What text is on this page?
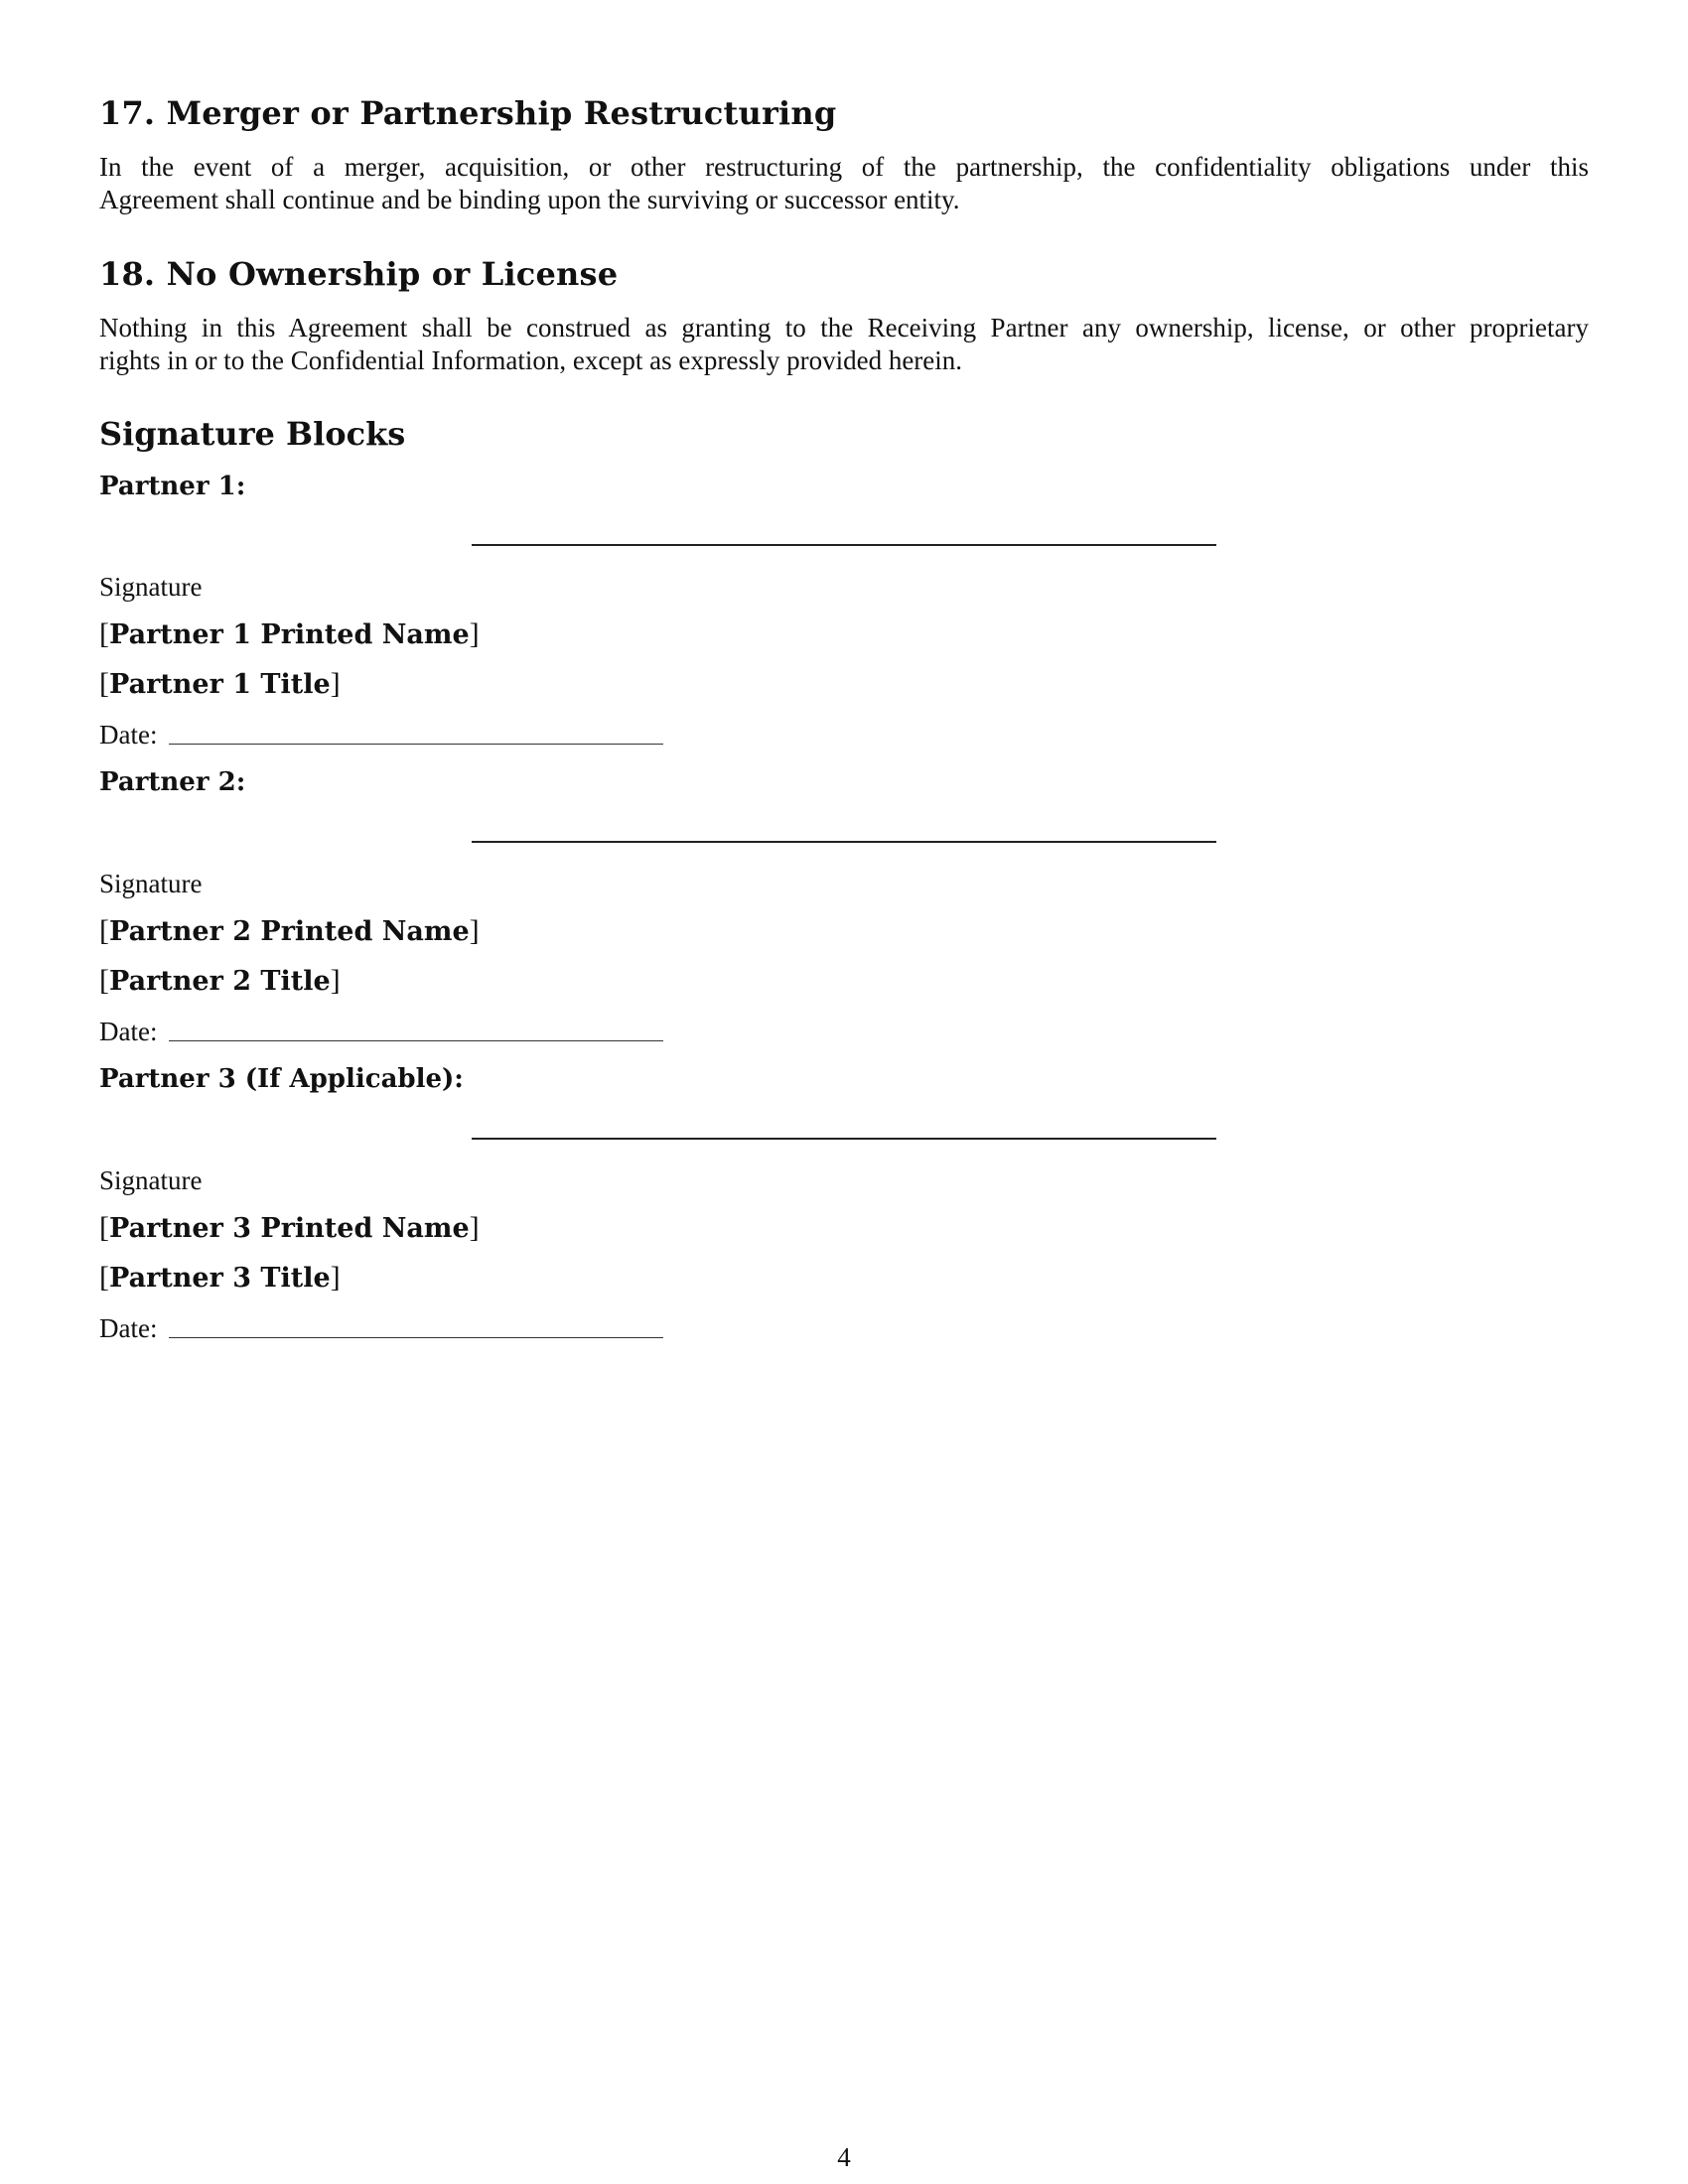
17. Merger or Partnership Restructuring

In the event of a merger, acquisition, or other restructuring of the partnership, the confidentiality obligations under this
Agreement shall continue and be binding upon the surviving or successor entity.

18. No Ownership or License

Nothing in this Agreement shall be construed as granting to the Receiving Partner any ownership, license, or other proprietary
rights in or to the Confidential Information, except as expressly provided herein.

Signature Blocks

Partner 1:

Signature

[Partner 1 Printed Name]

[Partner 1 Title]

Date:

Partner 2:

Signature

[Partner 2 Printed Name]

[Partner 2 Title]

Date:

Partner 3 (If Applicable):

Signature

[Partner 3 Printed Name]

[Partner 3 Title]

Date:
4
